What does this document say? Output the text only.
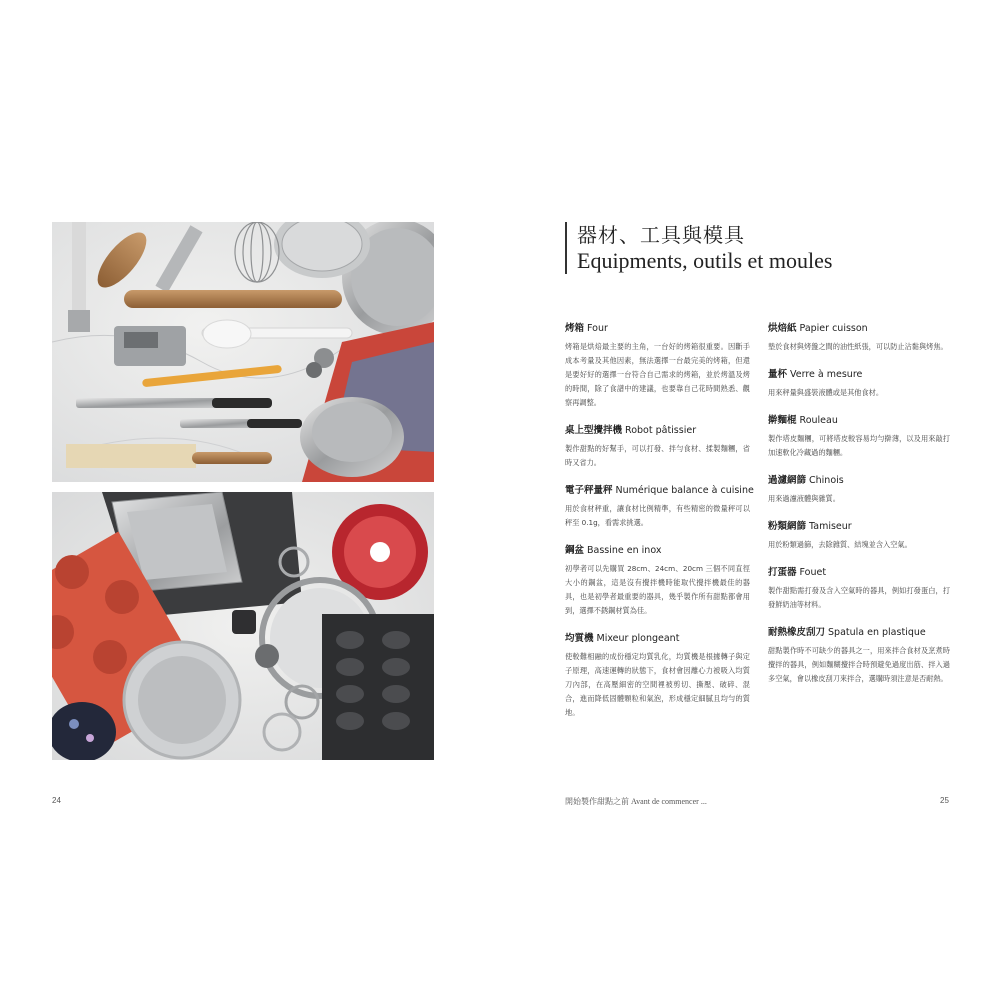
24	開始製作甜點之前 Avant de commencer ...	25
器材、工具與模具
Equipments, outils et moules
烤箱 Four
烤箱是烘焙最主要的主角，一台好的烤箱很重要。因斷手成本考量及其他因素，無法選擇一台最完美的烤箱，但還是要好好的選擇一台符合自己需求的烤箱，並於烤溫及烤的時間，除了食譜中的建議，也要靠自己花時間熟悉、觀察再調整。
桌上型攪拌機 Robot pâtissier
製作甜點的好幫手，可以打發、拌勻食材、揉製麵糰，省時又省力。
電子秤量秤 Numérique balance à cuisine
用於食材秤重，讓食材比例精準，有些精密的微量秤可以秤至 0.1g，看需求挑選。
鋼盆 Bassine en inox
初學者可以先購買 28cm、24cm、20cm 三個不同直徑大小的鋼盆，這是沒有攪拌機時能取代攪拌機最佳的器具，也是初學者最重要的器具，幾乎製作所有甜點都會用到，選擇不銹鋼材質為佳。
均質機 Mixeur plongeant
使較難相融的成份穩定均質乳化，均質機是根據轉子與定子原理，高速運轉的狀態下，食材會因離心力被吸入均質刀內部，在高壓細密的空間裡被剪切、撕壓、破碎、混合，進而降低固體顆粒和氣泡，形成穩定細膩且均勻的質地。
烘焙紙 Papier cuisson
墊於食材與烤盤之間的油性紙張，可以防止沾黏與烤焦。
量杯 Verre à mesure
用來秤量與盛裝液體或是其他食材。
擀麵棍 Rouleau
製作塔皮麵糰，可將塔皮較容易均勻擀薄，以及用來敲打加速軟化冷藏過的麵糰。
過濾網篩 Chinois
用來過濾液體與雜質。
粉類網篩 Tamiseur
用於粉類過篩，去除雜質、結塊並含入空氣。
打蛋器 Fouet
製作甜點需打發及含入空氣時的器具，例如打發蛋白，打發鮮奶油等材料。
耐熱橡皮刮刀 Spatula en plastique
甜點製作時不可缺少的器具之一，用來拌合食材及烹煮時攪拌的器具，例如麵糊攪拌合時預避免過度出筋、拌入過多空氣，會以橡皮刮刀來拌合，選購時須注意是否耐熱。
